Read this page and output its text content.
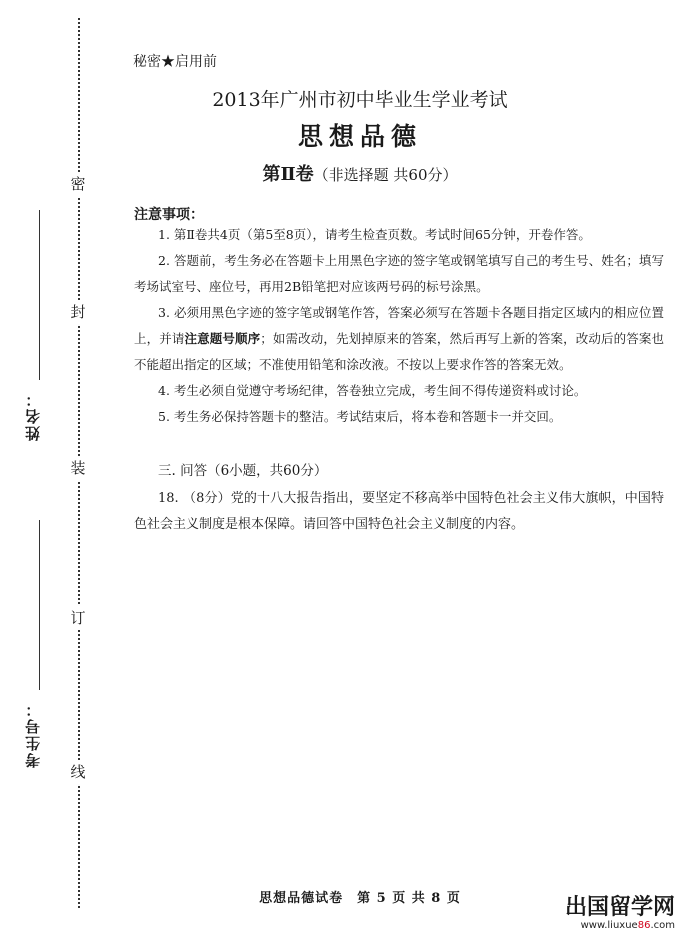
密
封
装
订
线
姓名：
考生号：
秘密★启用前
2013年广州市初中毕业生学业考试
思想品德
第Ⅱ卷（非选择题 共60分）
注意事项：
1. 第Ⅱ卷共4页（第5至8页），请考生检查页数。考试时间65分钟，开卷作答。
2. 答题前，考生务必在答题卡上用黑色字迹的签字笔或钢笔填写自己的考生号、姓名；填写考场试室号、座位号，再用2B铅笔把对应该两号码的标号涂黑。
3. 必须用黑色字迹的签字笔或钢笔作答，答案必须写在答题卡各题目指定区域内的相应位置上，并请注意题号顺序；如需改动，先划掉原来的答案，然后再写上新的答案，改动后的答案也不能超出指定的区域；不准使用铅笔和涂改液。不按以上要求作答的答案无效。
4. 考生必须自觉遵守考场纪律，答卷独立完成，考生间不得传递资料或讨论。
5. 考生务必保持答题卡的整洁。考试结束后，将本卷和答题卡一并交回。
三. 问答（6小题，共60分）
18. （8分）党的十八大报告指出，要坚定不移高举中国特色社会主义伟大旗帜，中国特色社会主义制度是根本保障。请回答中国特色社会主义制度的内容。
思想品德试卷　第 5 页 共 8 页	出国留学网
www.liuxue86.com
